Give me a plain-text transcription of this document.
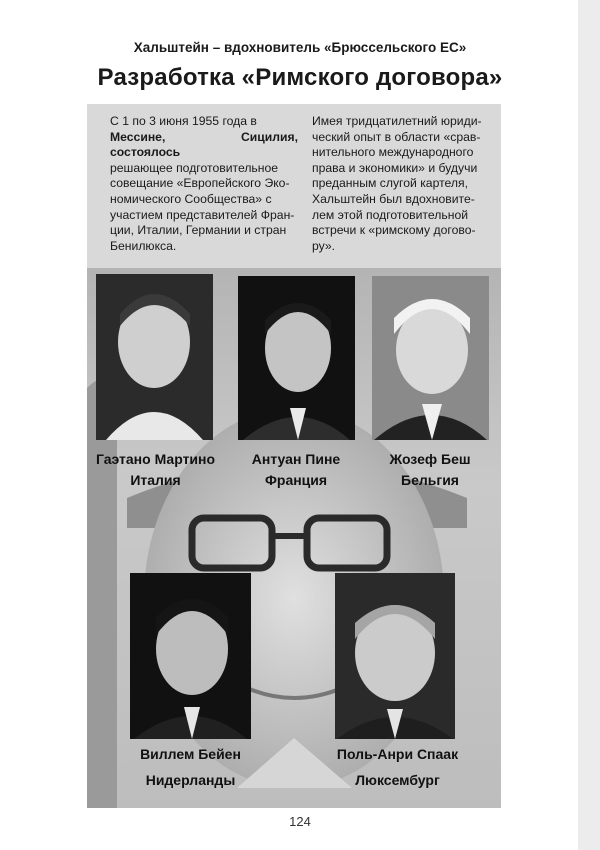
Хальштейн – вдохновитель «Брюссельского ЕС»
Разработка «Римского договора»
С 1 по 3 июня 1955 года в
Мессине, Сицилия, состоялось
решающее подготовительное
совещание «Европейского Эко-
номического Сообщества» с
участием представителей Фран-
ции, Италии, Германии и стран
Бенилюкса.
Имея тридцатилетний юриди-
ческий опыт в области «срав-
нительного международного
права и экономики» и будучи
преданным слугой картеля,
Хальштейн был вдохновите-
лем этой подготовительной
встречи к «римскому догово-
ру».
Гаэтано Мартино
Италия
Антуан Пине
Франция
Жозеф Беш
Бельгия
Виллем Бейен
Нидерланды
Поль-Анри Спаак
Люксембург
124
